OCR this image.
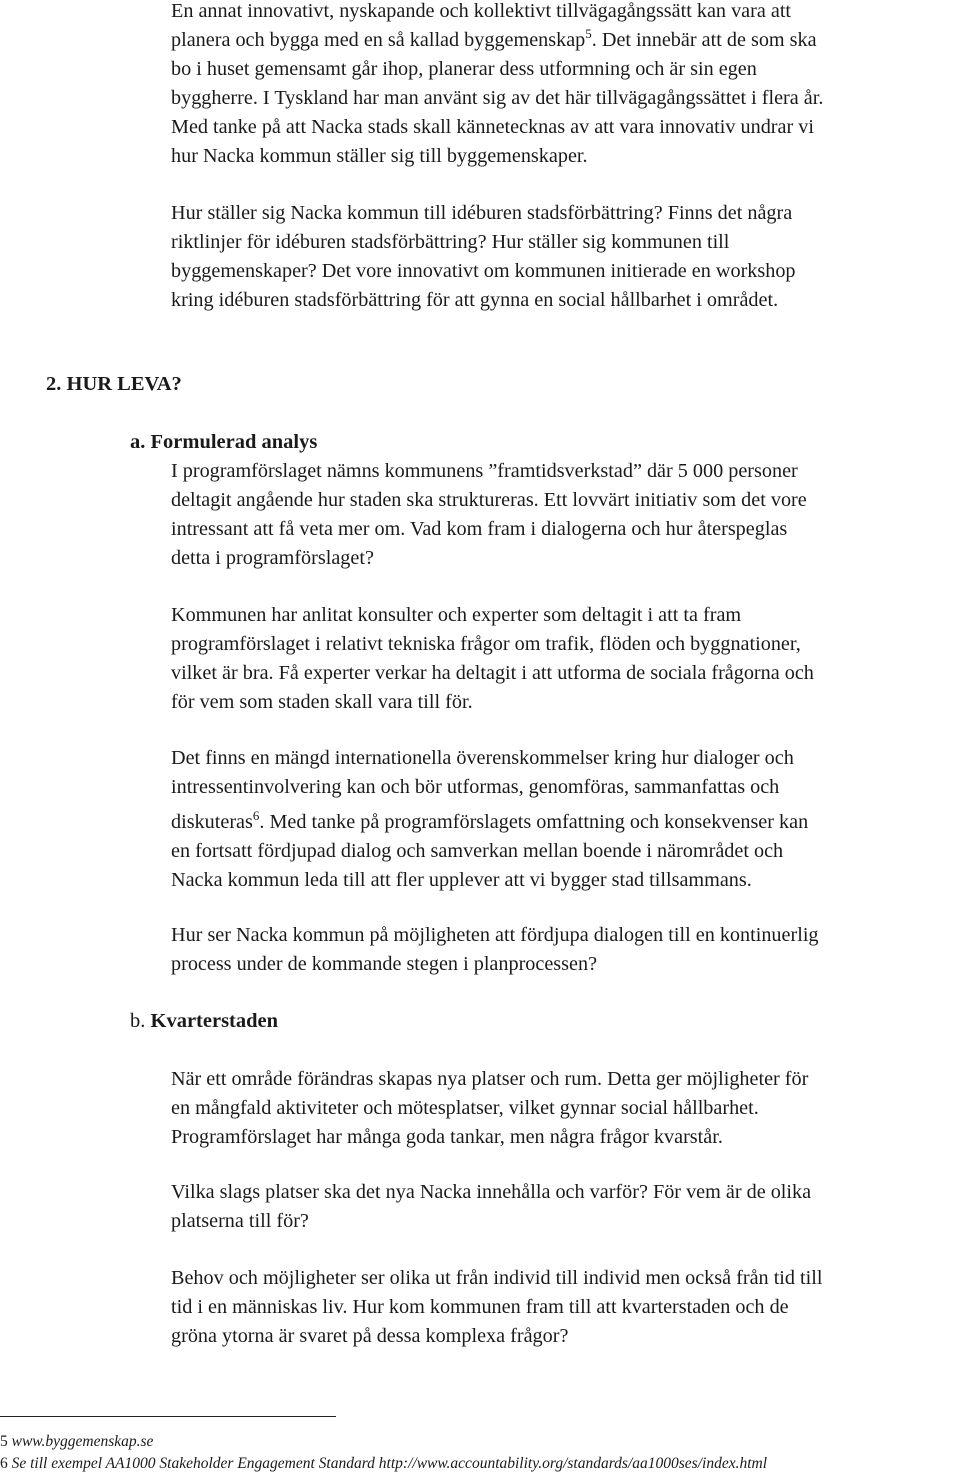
En annat innovativt, nyskapande och kollektivt tillvägagångssätt kan vara att
planera och bygga med en så kallad byggemenskap$^5$. Det innebär att de som ska
bo i huset gemensamt går ihop, planerar dess utformning och är sin egen
byggherre. I Tyskland har man använt sig av det här tillvägagångssättet i flera år.
Med tanke på att Nacka stads skall kännetecknas av att vara innovativ undrar vi
hur Nacka kommun ställer sig till byggemenskaper.

Hur ställer sig Nacka kommun till idéburen stadsförbättring? Finns det några
riktlinjer för idéburen stadsförbättring? Hur ställer sig kommunen till
byggemenskaper? Det vore innovativt om kommunen initierade en workshop
kring idéburen stadsförbättring för att gynna en social hållbarhet i området.

2. HUR LEVA?
a. Formulerad analys

I programförslaget nämns kommunens ”framtidsverkstad” där 5 000 personer
deltagit angående hur staden ska struktureras. Ett lovvärt initiativ som det vore
intressant att få veta mer om. Vad kom fram i dialogerna och hur återspeglas
detta i programförslaget?

Kommunen har anlitat konsulter och experter som deltagit i att ta fram
programförslaget i relativt tekniska frågor om trafik, flöden och byggnationer,
vilket är bra. Få experter verkar ha deltagit i att utforma de sociala frågorna och
för vem som staden skall vara till för.

Det finns en mängd internationella överenskommelser kring hur dialoger och
intressentinvolvering kan och bör utformas, genomföras, sammanfattas och
diskuteras$^6$. Med tanke på programförslagets omfattning och konsekvenser kan
en fortsatt fördjupad dialog och samverkan mellan boende i närområdet och
Nacka kommun leda till att fler upplever att vi bygger stad tillsammans.

Hur ser Nacka kommun på möjligheten att fördjupa dialogen till en kontinuerlig
process under de kommande stegen i planprocessen?

b. Kvarterstaden

När ett område förändras skapas nya platser och rum. Detta ger möjligheter för
en mångfald aktiviteter och mötesplatser, vilket gynnar social hållbarhet.
Programförslaget har många goda tankar, men några frågor kvarstår.

Vilka slags platser ska det nya Nacka innehålla och varför? För vem är de olika
platserna till för?

Behov och möjligheter ser olika ut från individ till individ men också från tid till
tid i en människas liv. Hur kom kommunen fram till att kvarterstaden och de
gröna ytorna är svaret på dessa komplexa frågor?

5 www.byggemenskap.se
6 Se till exempel AA1000 Stakeholder Engagement Standard http://www.accountability.org/standards/aa1000ses/index.html
